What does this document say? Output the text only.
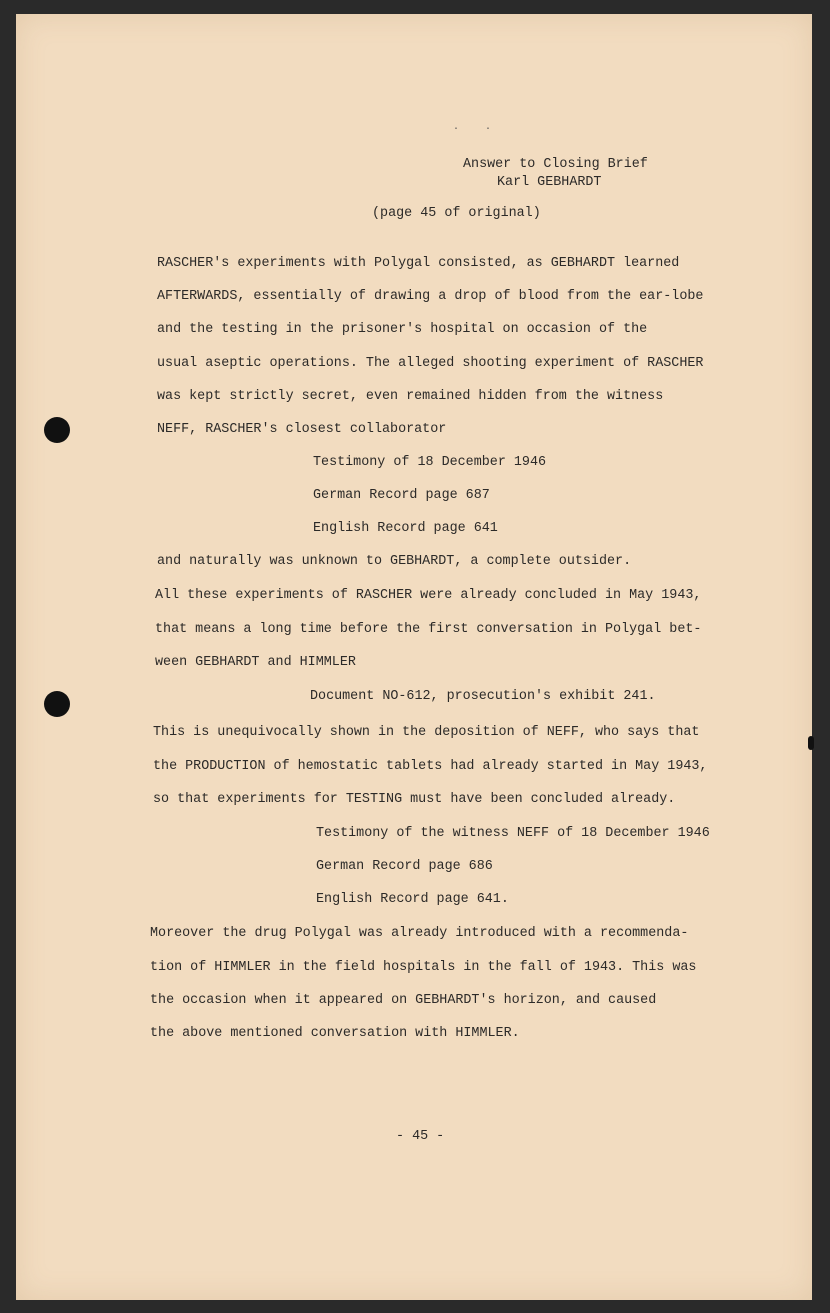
..
Answer to Closing Brief
Karl GEBHARDT
(page 45 of original)
RASCHER's experiments with Polygal consisted, as GEBHARDT learned
AFTERWARDS, essentially of drawing a drop of blood from the ear-lobe
and the testing in the prisoner's hospital on occasion of the
usual aseptic operations. The alleged shooting experiment of RASCHER
was kept strictly secret, even remained hidden from the witness
NEFF, RASCHER's closest collaborator
Testimony of 18 December 1946
German Record page 687
English Record page 641
and naturally was unknown to GEBHARDT, a complete outsider.
All these experiments of RASCHER were already concluded in May 1943,
that means a long time before the first conversation in Polygal bet-
ween GEBHARDT and HIMMLER
Document NO-612, prosecution's exhibit 241.
This is unequivocally shown in the deposition of NEFF, who says that
the PRODUCTION of hemostatic tablets had already started in May 1943,
so that experiments for TESTING must have been concluded already.
Testimony of the witness NEFF of 18 December 1946
German Record page 686
English Record page 641.
Moreover the drug Polygal was already introduced with a recommenda-
tion of HIMMLER in the field hospitals in the fall of 1943. This was
the occasion when it appeared on GEBHARDT's horizon, and caused
the above mentioned conversation with HIMMLER.
- 45 -
